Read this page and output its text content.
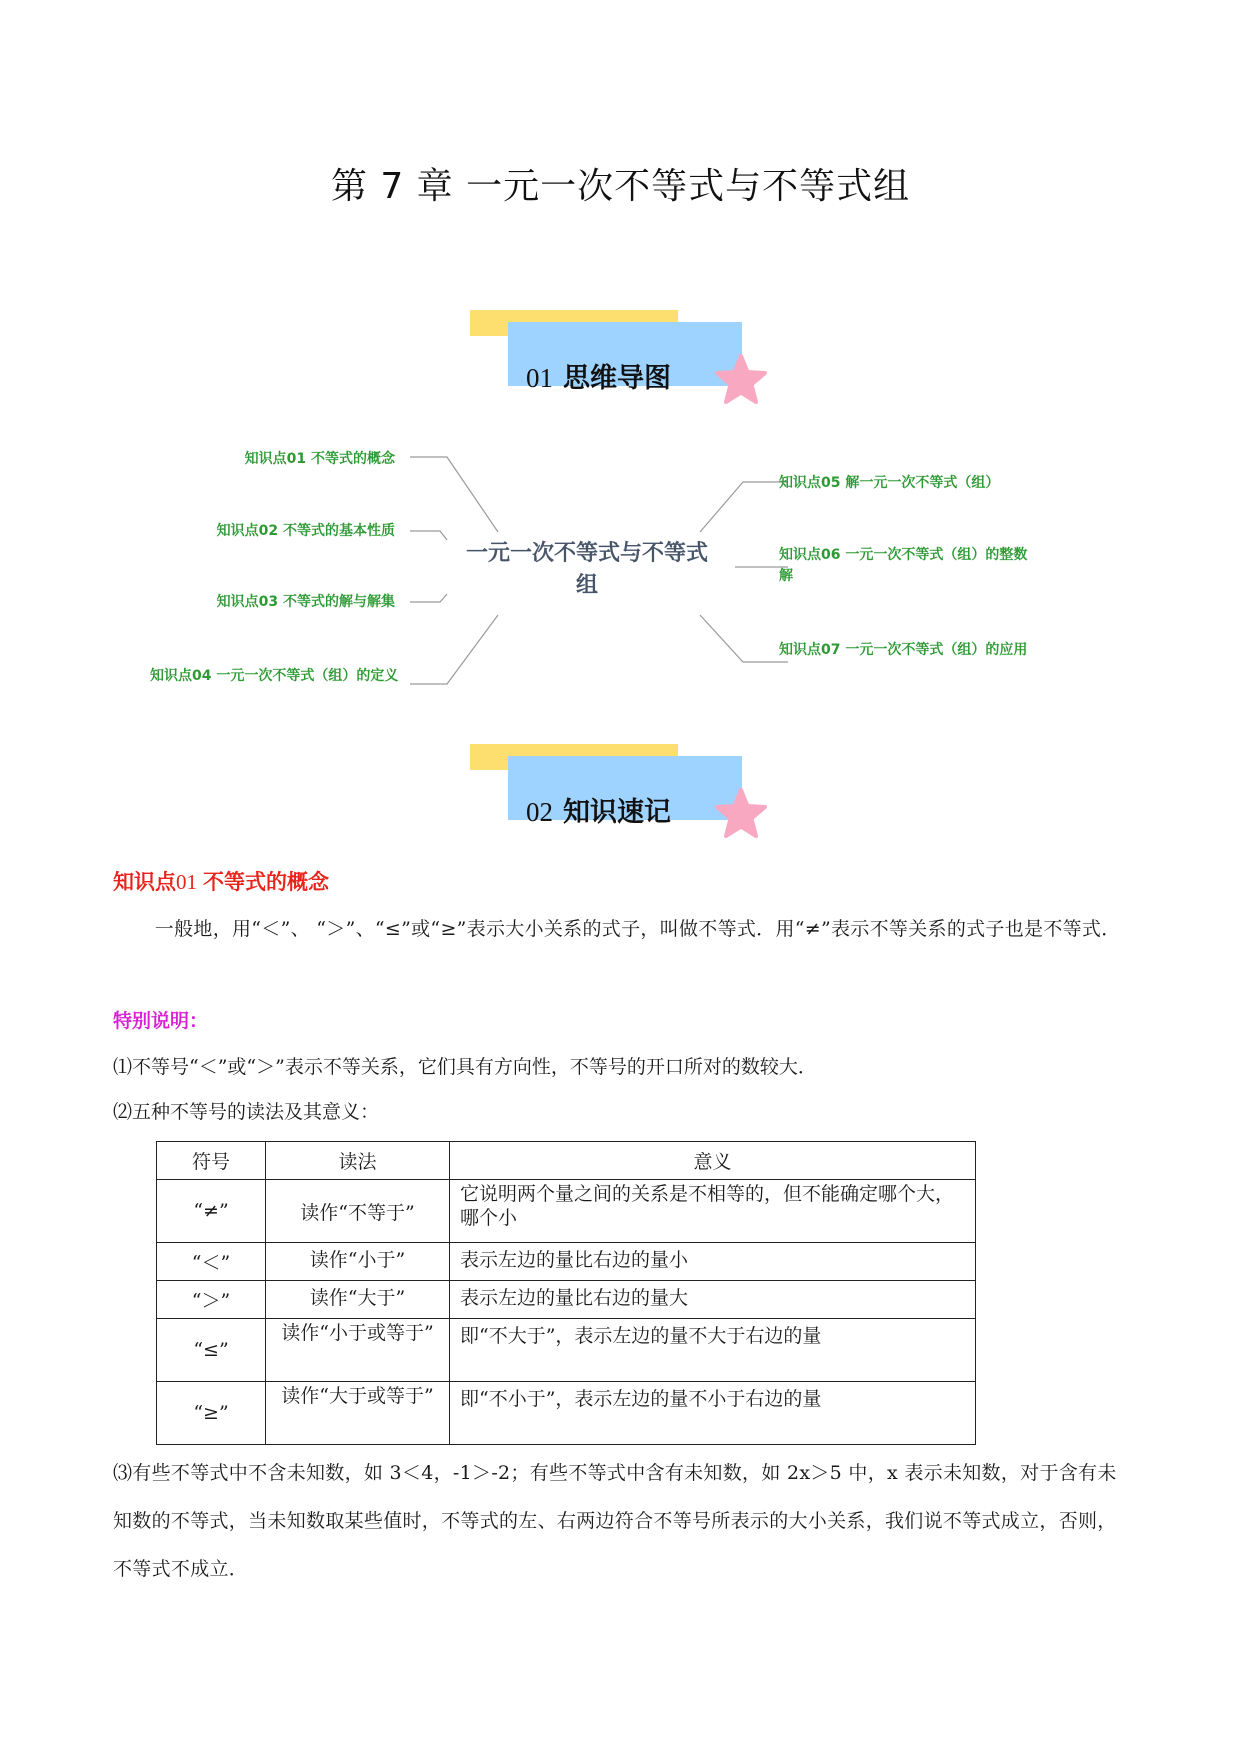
第 7 章 一元一次不等式与不等式组
01 思维导图
知识点01 不等式的概念
知识点02 不等式的基本性质
知识点03 不等式的解与解集
知识点04 一元一次不等式（组）的定义
一元一次不等式与不等式组
知识点05 解一元一次不等式（组）
知识点06 一元一次不等式（组）的整数解
知识点07 一元一次不等式（组）的应用
02 知识速记
知识点01 不等式的概念
一般地，用“＜”、 “＞”、“≤”或“≥”表示大小关系的式子，叫做不等式．用“≠”表示不等关系的式子也是不等式．
特别说明：
⑴不等号“＜”或“＞”表示不等关系，它们具有方向性，不等号的开口所对的数较大．
⑵五种不等号的读法及其意义：
符号	读法	意义
“≠”	读作“不等于”	它说明两个量之间的关系是不相等的，但不能确定哪个大，哪个小
“＜”	读作“小于”	表示左边的量比右边的量小
“＞”	读作“大于”	表示左边的量比右边的量大
“≤”	读作“小于或等于”	即“不大于”，表示左边的量不大于右边的量
“≥”	读作“大于或等于”	即“不小于”，表示左边的量不小于右边的量
⑶有些不等式中不含未知数，如 3＜4，-1＞-2；有些不等式中含有未知数，如 2x＞5 中，x 表示未知数，对于含有未知数的不等式，当未知数取某些值时，不等式的左、右两边符合不等号所表示的大小关系，我们说不等式成立，否则，不等式不成立．
